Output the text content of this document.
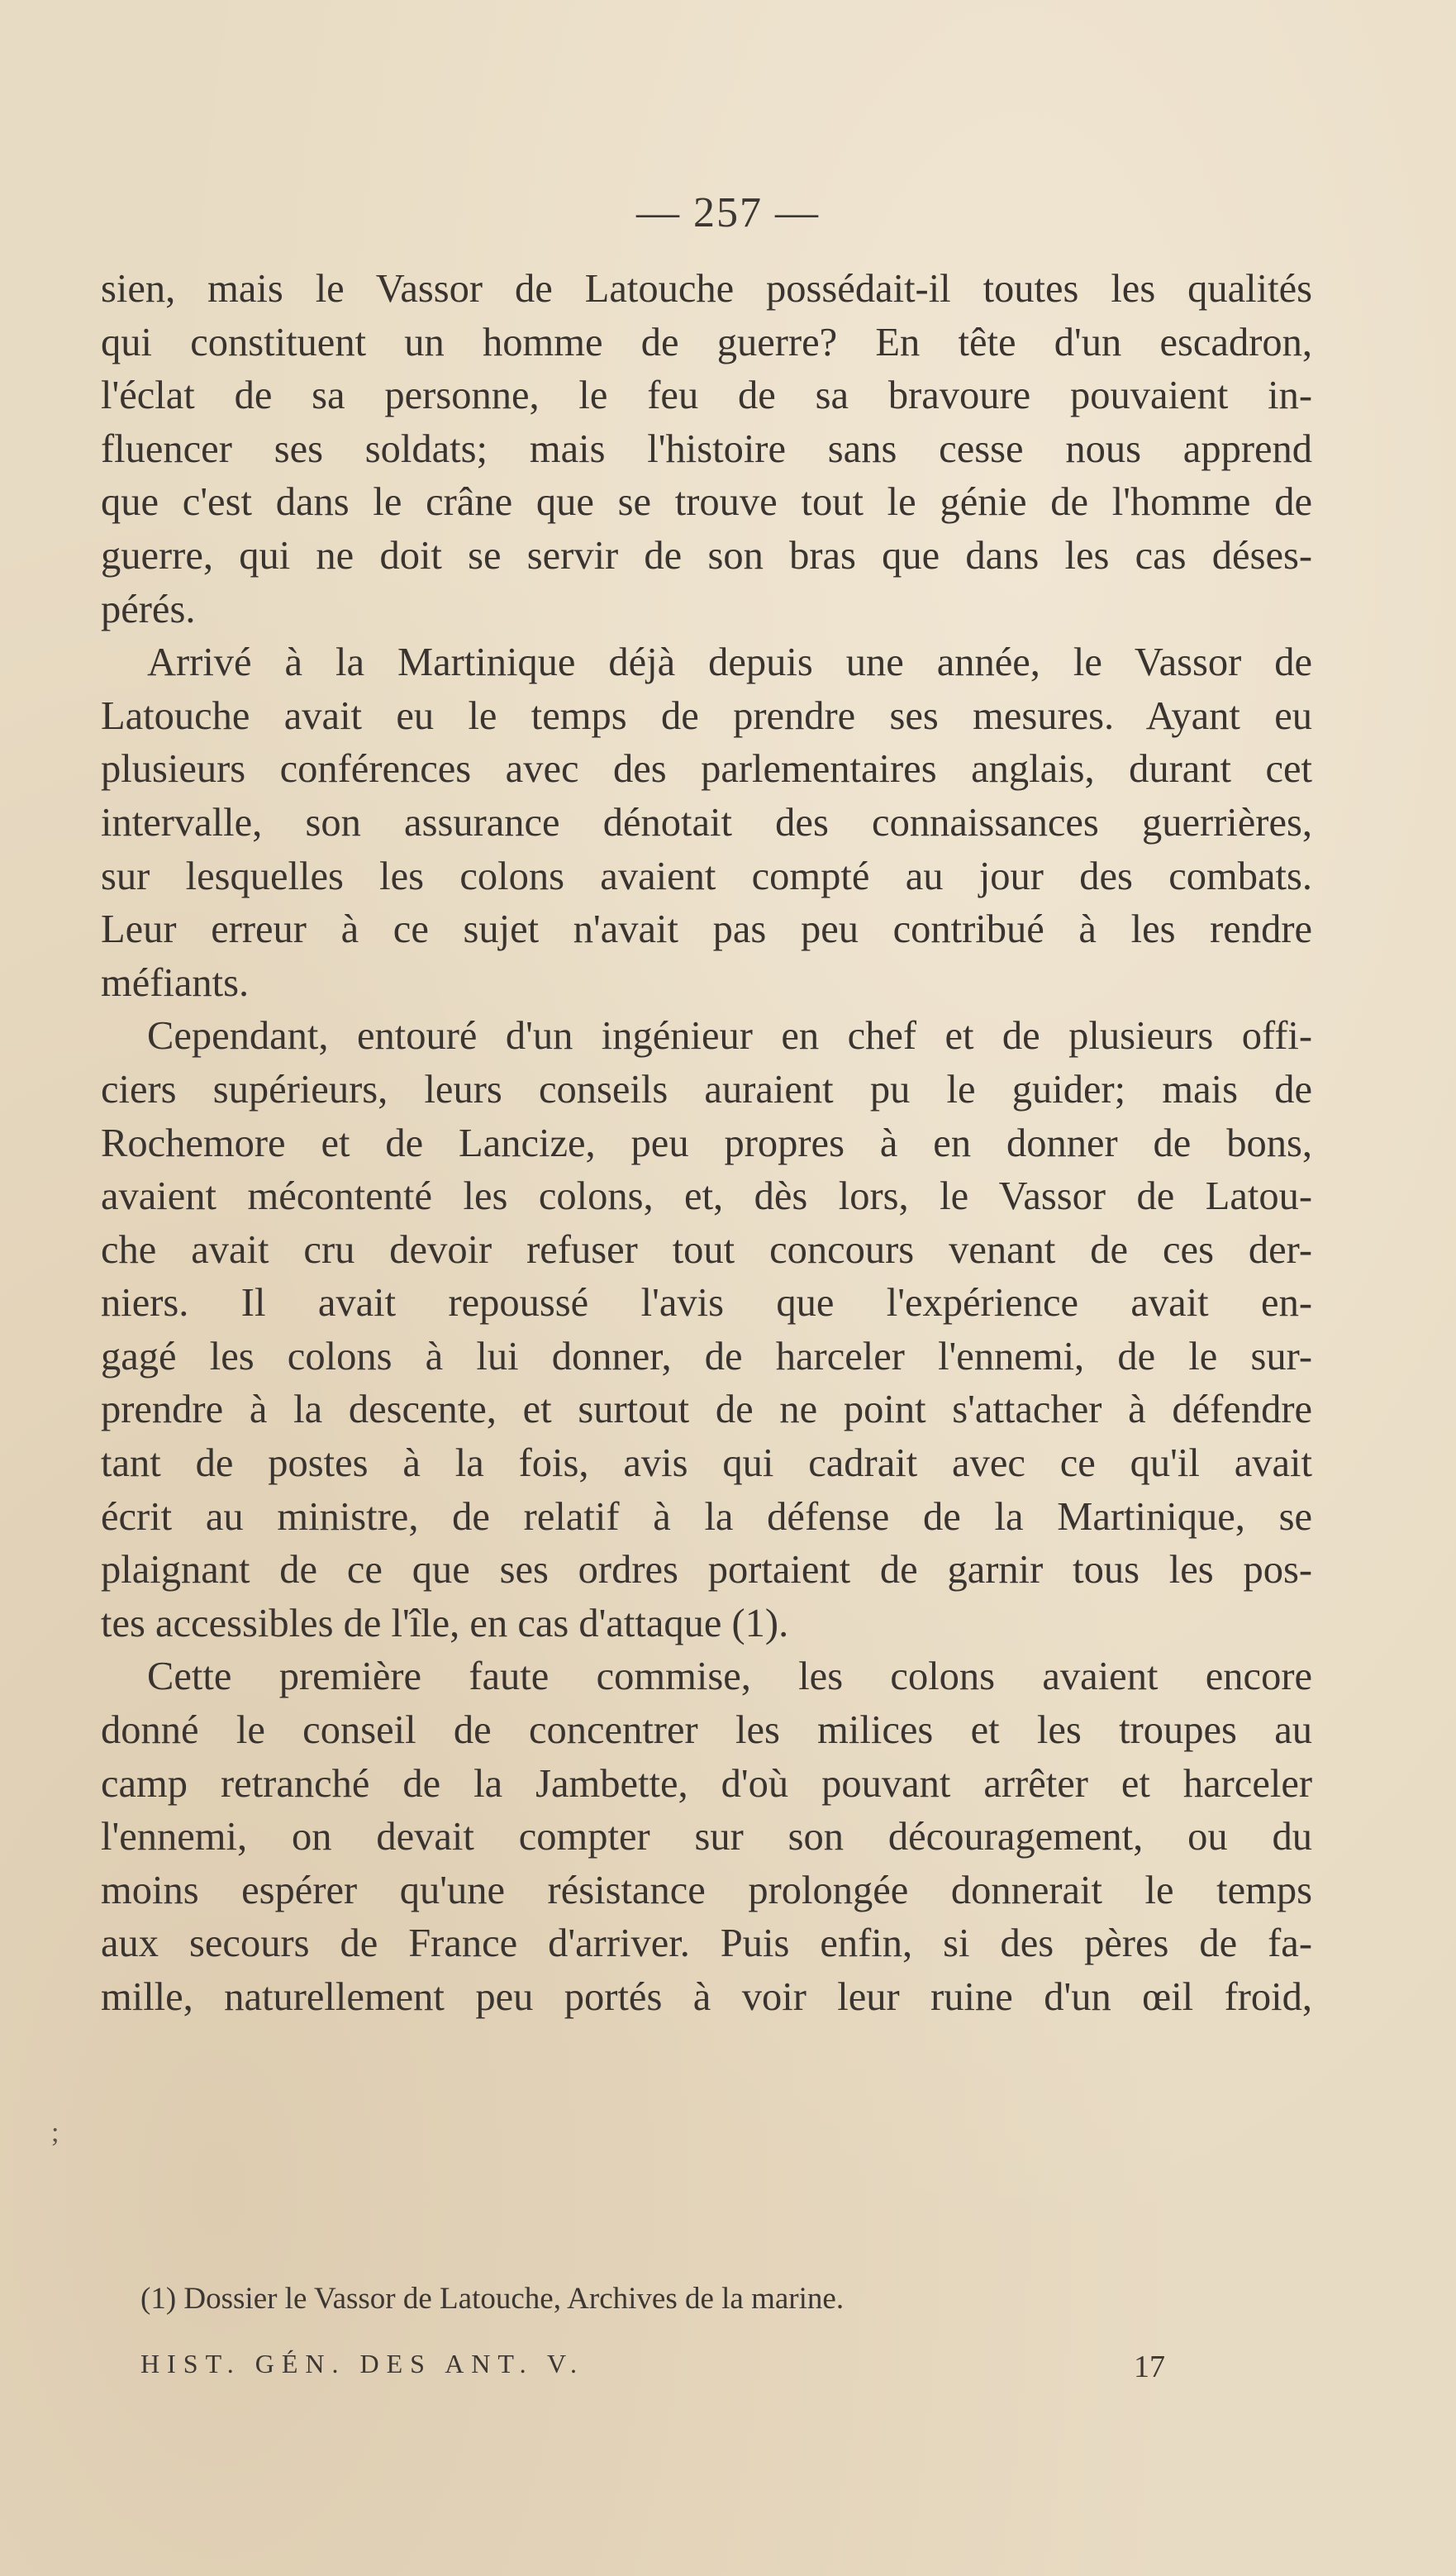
— 257 —
sien, mais le Vassor de Latouche possédait-il toutes les qualités
qui constituent un homme de guerre? En tête d'un escadron,
l'éclat de sa personne, le feu de sa bravoure pouvaient in-
fluencer ses soldats; mais l'histoire sans cesse nous apprend
que c'est dans le crâne que se trouve tout le génie de l'homme de
guerre, qui ne doit se servir de son bras que dans les cas déses-
pérés.
Arrivé à la Martinique déjà depuis une année, le Vassor de
Latouche avait eu le temps de prendre ses mesures. Ayant eu
plusieurs conférences avec des parlementaires anglais, durant cet
intervalle, son assurance dénotait des connaissances guerrières,
sur lesquelles les colons avaient compté au jour des combats.
Leur erreur à ce sujet n'avait pas peu contribué à les rendre
méfiants.
Cependant, entouré d'un ingénieur en chef et de plusieurs offi-
ciers supérieurs, leurs conseils auraient pu le guider; mais de
Rochemore et de Lancize, peu propres à en donner de bons,
avaient mécontenté les colons, et, dès lors, le Vassor de Latou-
che avait cru devoir refuser tout concours venant de ces der-
niers. Il avait repoussé l'avis que l'expérience avait en-
gagé les colons à lui donner, de harceler l'ennemi, de le sur-
prendre à la descente, et surtout de ne point s'attacher à défendre
tant de postes à la fois, avis qui cadrait avec ce qu'il avait
écrit au ministre, de relatif à la défense de la Martinique, se
plaignant de ce que ses ordres portaient de garnir tous les pos-
tes accessibles de l'île, en cas d'attaque (1).
Cette première faute commise, les colons avaient encore
donné le conseil de concentrer les milices et les troupes au
camp retranché de la Jambette, d'où pouvant arrêter et harceler
l'ennemi, on devait compter sur son découragement, ou du
moins espérer qu'une résistance prolongée donnerait le temps
aux secours de France d'arriver. Puis enfin, si des pères de fa-
mille, naturellement peu portés à voir leur ruine d'un œil froid,
;
(1) Dossier le Vassor de Latouche, Archives de la marine.
HIST. GÉN. DES ANT. V.	17
